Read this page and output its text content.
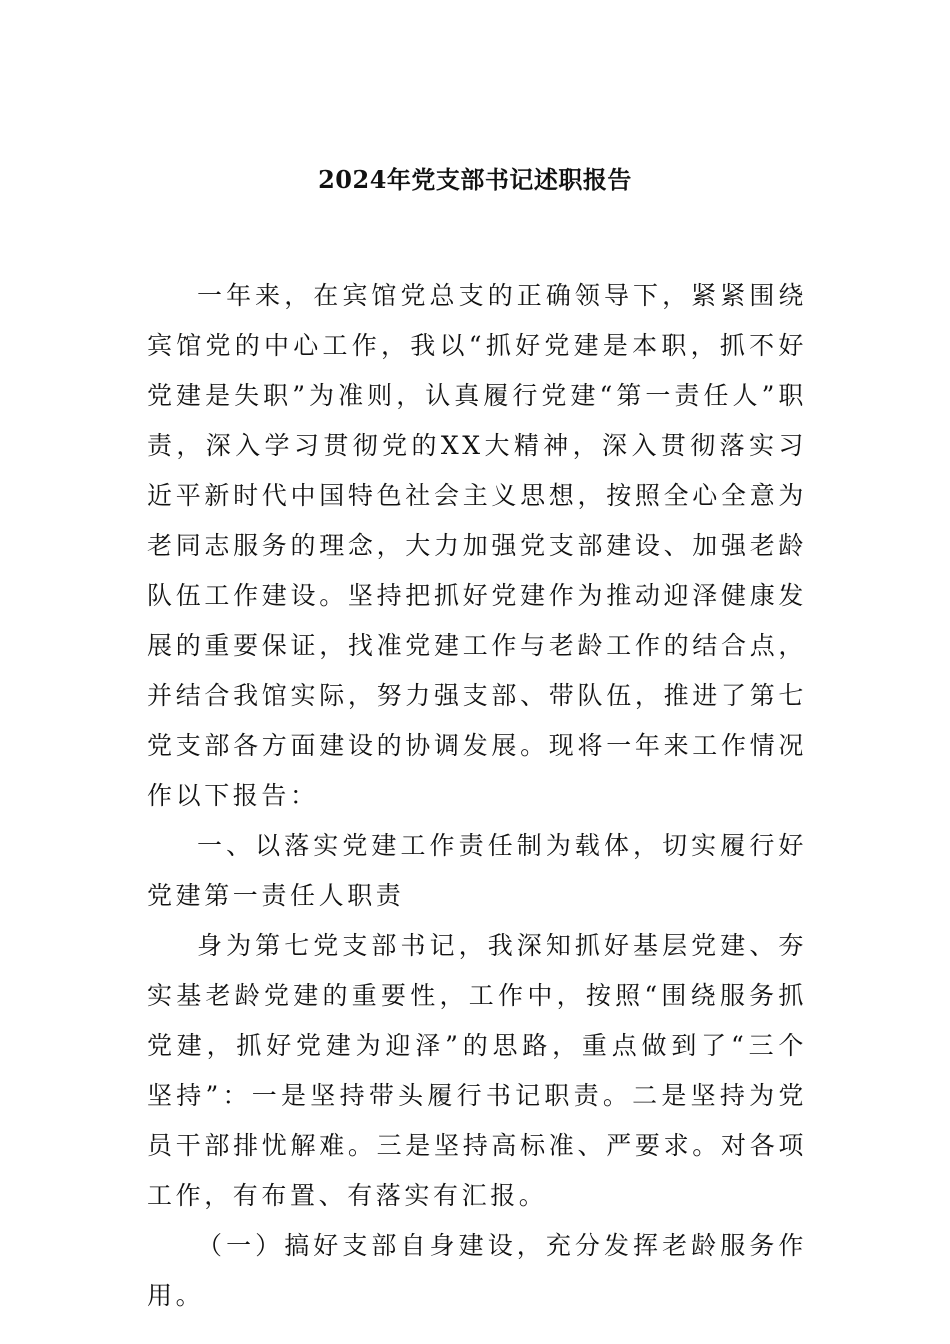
2024年党支部书记述职报告

一年来，在宾馆党总支的正确领导下，紧紧围绕宾馆党的中心工作，我以“抓好党建是本职，抓不好党建是失职”为准则，认真履行党建“第一责任人”职责，深入学习贯彻党的XX大精神，深入贯彻落实习近平新时代中国特色社会主义思想，按照全心全意为老同志服务的理念，大力加强党支部建设、加强老龄队伍工作建设。坚持把抓好党建作为推动迎泽健康发展的重要保证，找准党建工作与老龄工作的结合点，并结合我馆实际，努力强支部、带队伍，推进了第七党支部各方面建设的协调发展。现将一年来工作情况作以下报告：

一、以落实党建工作责任制为载体，切实履行好党建第一责任人职责

身为第七党支部书记，我深知抓好基层党建、夯实基老龄党建的重要性，工作中，按照“围绕服务抓党建，抓好党建为迎泽”的思路，重点做到了“三个坚持”：一是坚持带头履行书记职责。二是坚持为党员干部排忧解难。三是坚持高标准、严要求。对各项工作，有布置、有落实有汇报。

（一）搞好支部自身建设，充分发挥老龄服务作用。
